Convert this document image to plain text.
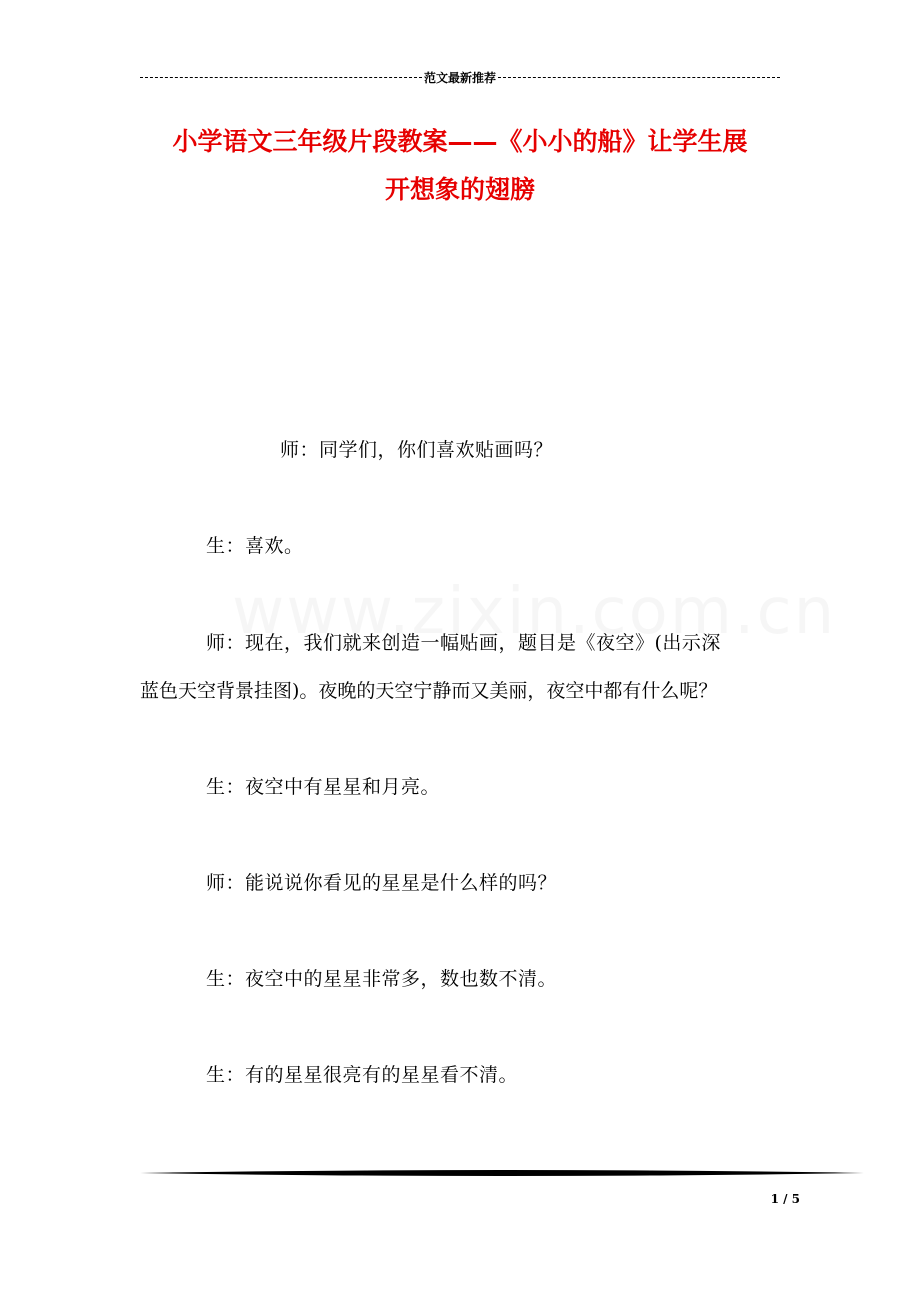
范文最新推荐
小学语文三年级片段教案——《小小的船》让学生展
开想象的翅膀
师：同学们，你们喜欢贴画吗？
生：喜欢。
师：现在，我们就来创造一幅贴画，题目是《夜空》(出示深
蓝色天空背景挂图)。夜晚的天空宁静而又美丽，夜空中都有什么呢？
生：夜空中有星星和月亮。
师：能说说你看见的星星是什么样的吗？
生：夜空中的星星非常多，数也数不清。
生：有的星星很亮有的星星看不清。
1 / 5
